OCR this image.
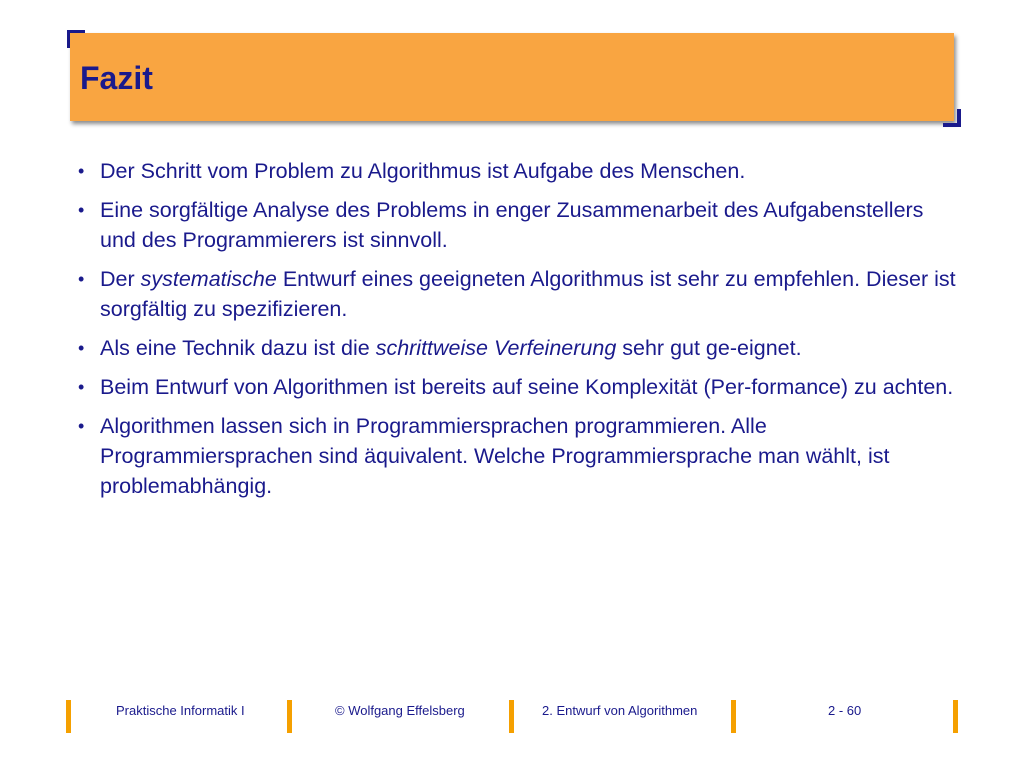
Fazit
• Der Schritt vom Problem zu Algorithmus ist Aufgabe des Menschen.
• Eine sorgfältige Analyse des Problems in enger Zusammenarbeit des Aufgabenstellers und des Programmierers ist sinnvoll.
• Der systematische Entwurf eines geeigneten Algorithmus ist sehr zu empfehlen. Dieser ist sorgfältig zu spezifizieren.
• Als eine Technik dazu ist die schrittweise Verfeinerung sehr gut ge-eignet.
• Beim Entwurf von Algorithmen ist bereits auf seine Komplexität (Per-formance) zu achten.
• Algorithmen lassen sich in Programmiersprachen programmieren. Alle Programmiersprachen sind äquivalent. Welche Programmiersprache man wählt, ist problemabhängig.
Praktische Informatik I	© Wolfgang Effelsberg	2. Entwurf von Algorithmen	2 - 60
